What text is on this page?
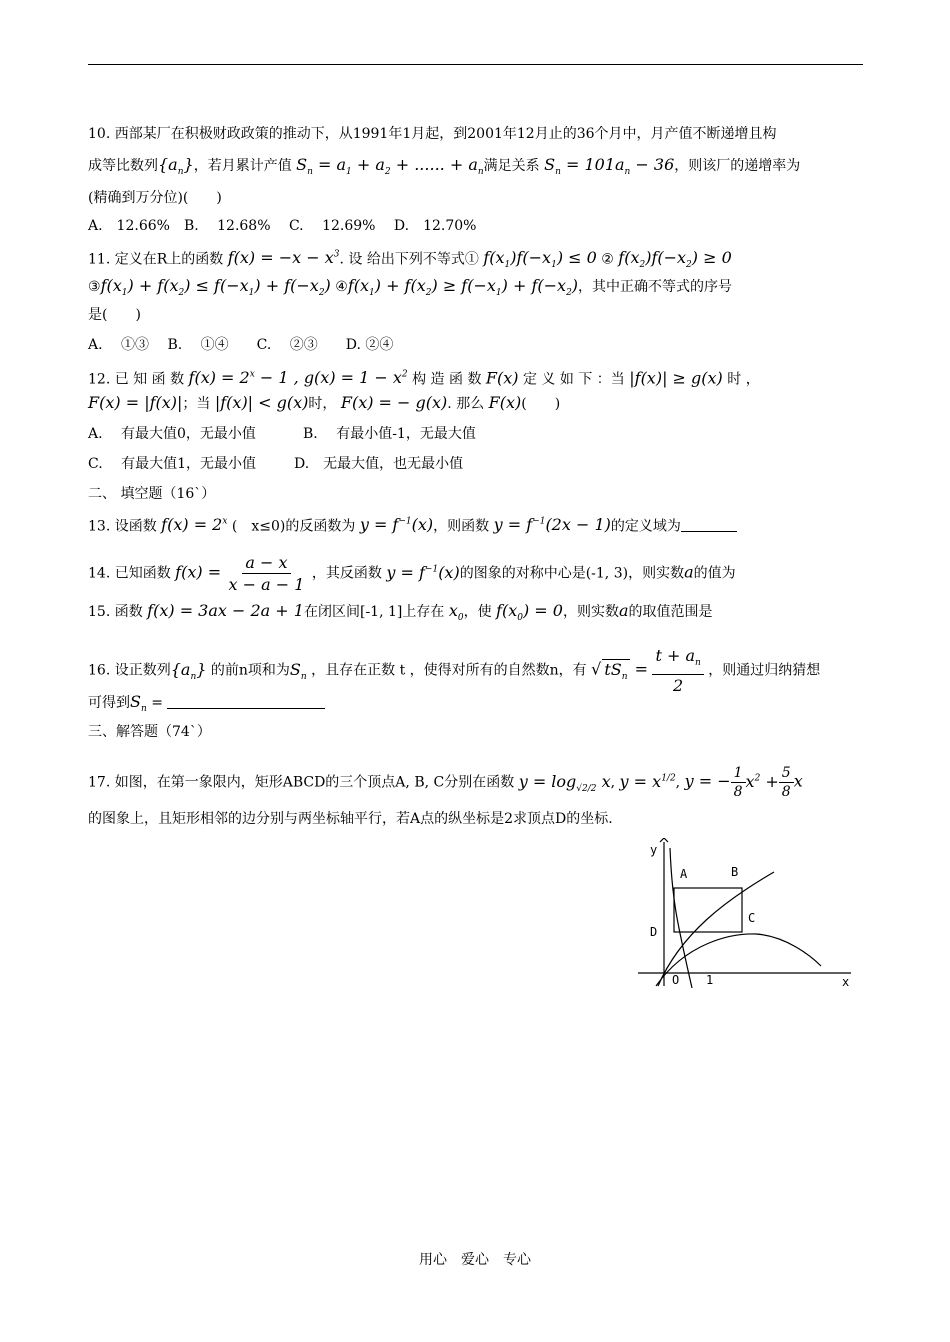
10. 西部某厂在积极财政政策的推动下，从1991年1月起，到2001年12月止的36个月中，月产值不断递增且构
成等比数列$\{a_n\}$，若月累计产值 $S_n = a_1 + a_2$ + ...... + $a_n$满足关系 $S_n = 101a_n - 36$，则该厂的递增率为
(精确到万分位)(　　)
A.　12.66%　B.　 12.68%　 C.　 12.69%　 D.　12.70%
11. 定义在R上的函数 $f(x) = -x - x^3$. 设 给出下列不等式① $f(x_1)f(-x_1) \le 0$ ② $f(x_2)f(-x_2) \ge 0$
$③f(x_1) + f(x_2) \le f(-x_1) + f(-x_2)$ $④f(x_1) + f(x_2) \ge f(-x_1) + f(-x_2)$，其中正确不等式的序号
是(　　)
A.　 ①③　 B.　 ①④　　C.　 ②③　　D. ②④
12. 已 知 函 数 $f(x) = 2^x - 1$ , $g(x) = 1 - x^2$ 构 造 函 数 F(x) 定 义 如 下 ：当 |f(x)| ≥ g(x) 时 ，
F(x) = |f(x)|；当 |f(x)| < g(x)时， F(x) = − g(x). 那么 F(x)(　　)
A.　 有最大值0，无最小值	B.　 有最小值-1，无最大值
C.　 有最大值1，无最小值	D.　无最大值，也无最小值
二、 填空题（16`）
13. 设函数 $f(x) = 2^x$ (　x≤0)的反函数为 $y = f^{-1}(x)$，则函数 $y = f^{-1}(2x - 1)$的定义域为
14. 已知函数 $f(x) = \frac{a - x}{x - a - 1}$ ，其反函数 $y = f^{-1}(x)$的图象的对称中心是(-1, 3)，则实数a的值为
15. 函数 f(x) = 3ax − 2a + 1在闭区间[-1, 1]上存在 $x_0$，使 $f(x_0) = 0$，则实数a的取值范围是
16. 设正数列$\{a_n\}$ 的前n项和为$S_n$ ，且存在正数 t ，使得对所有的自然数n，有 √ $tS_n = \frac{t + a_n}{2}$ ，则通过归纳猜想
可得到$S_n$ =
三、解答题（74`）
17. 如图，在第一象限内，矩形ABCD的三个顶点A, B, C分别在函数 $y = \log_{√2/2} x$, $y = x^{1/2}$, y = − $\frac{1}{8} x^2 + \frac{5}{8}$ x
的图象上，且矩形相邻的边分别与两坐标轴平行，若A点的纵坐标是2求顶点D的坐标.
y
x
A	B
C
D
O 1
用心　爱心　专心
